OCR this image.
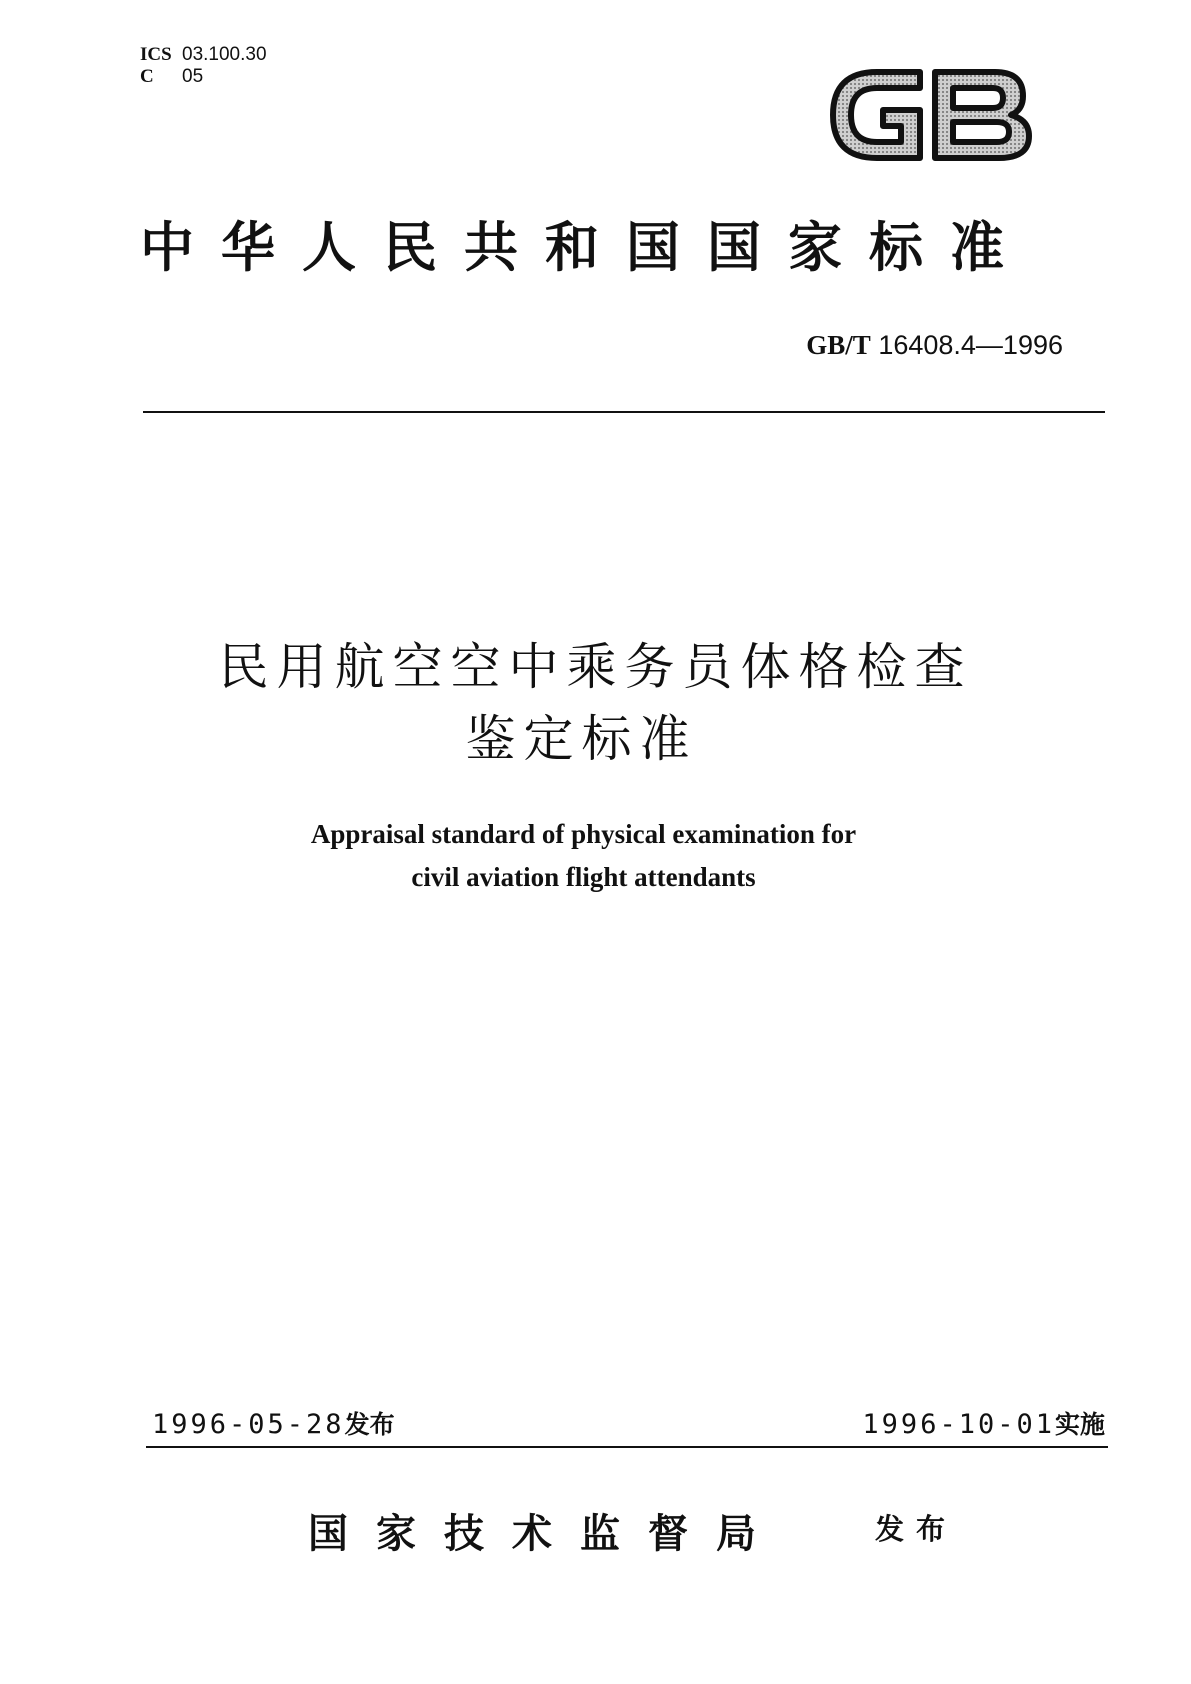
ICS 03.100.30
C 05
中华人民共和国国家标准
GB/T 16408.4—1996
民用航空空中乘务员体格检查
鉴定标准
Appraisal standard of physical examination for
civil aviation flight attendants
1996-05-28发布	1996-10-01实施
国家技术监督局	发布
